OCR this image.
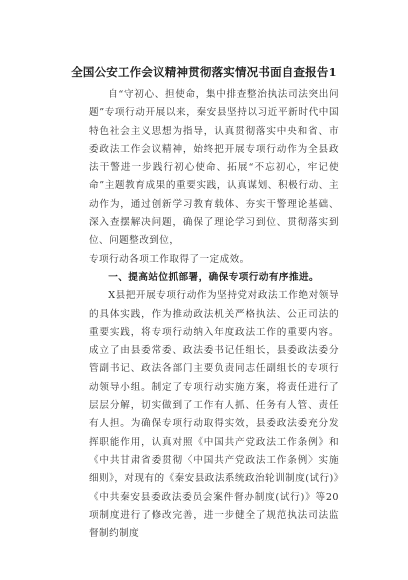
全国公安工作会议精神贯彻落实情况书面自查报告1

自“守初心、担使命，集中排查整治执法司法突出问题”专项行动开展以来，秦安县坚持以习近平新时代中国特色社会主义思想为指导，认真贯彻落实中央和省、市委政法工作会议精神，始终把开展专项行动作为全县政法干警进一步践行初心使命、拓展“不忘初心，牢记使命”主题教育成果的重要实践，认真谋划、积极行动、主动作为，通过创新学习教育载体、夯实干警理论基础、深入查摆解决问题，确保了理论学习到位、贯彻落实到位、问题整改到位，

专项行动各项工作取得了一定成效。

一、提高站位抓部署，确保专项行动有序推进。

X县把开展专项行动作为坚持党对政法工作绝对领导的具体实践，作为推动政法机关严格执法、公正司法的重要实践，将专项行动纳入年度政法工作的重要内容。成立了由县委常委、政法委书记任组长，县委政法委分管副书记、政法各部门主要负责同志任副组长的专项行动领导小组。制定了专项行动实施方案，将责任进行了层层分解，切实做到了工作有人抓、任务有人管、责任有人担。为确保专项行动取得实效，县委政法委充分发挥职能作用，认真对照《中国共产党政法工作条例》和《中共甘肃省委贯彻〈中国共产党政法工作条例〉实施细则》，对现有的《秦安县政法系统政治轮训制度(试行)》《中共秦安县委政法委员会案件督办制度(试行)》等20项制度进行了修改完善，进一步健全了规范执法司法监督制约制度
